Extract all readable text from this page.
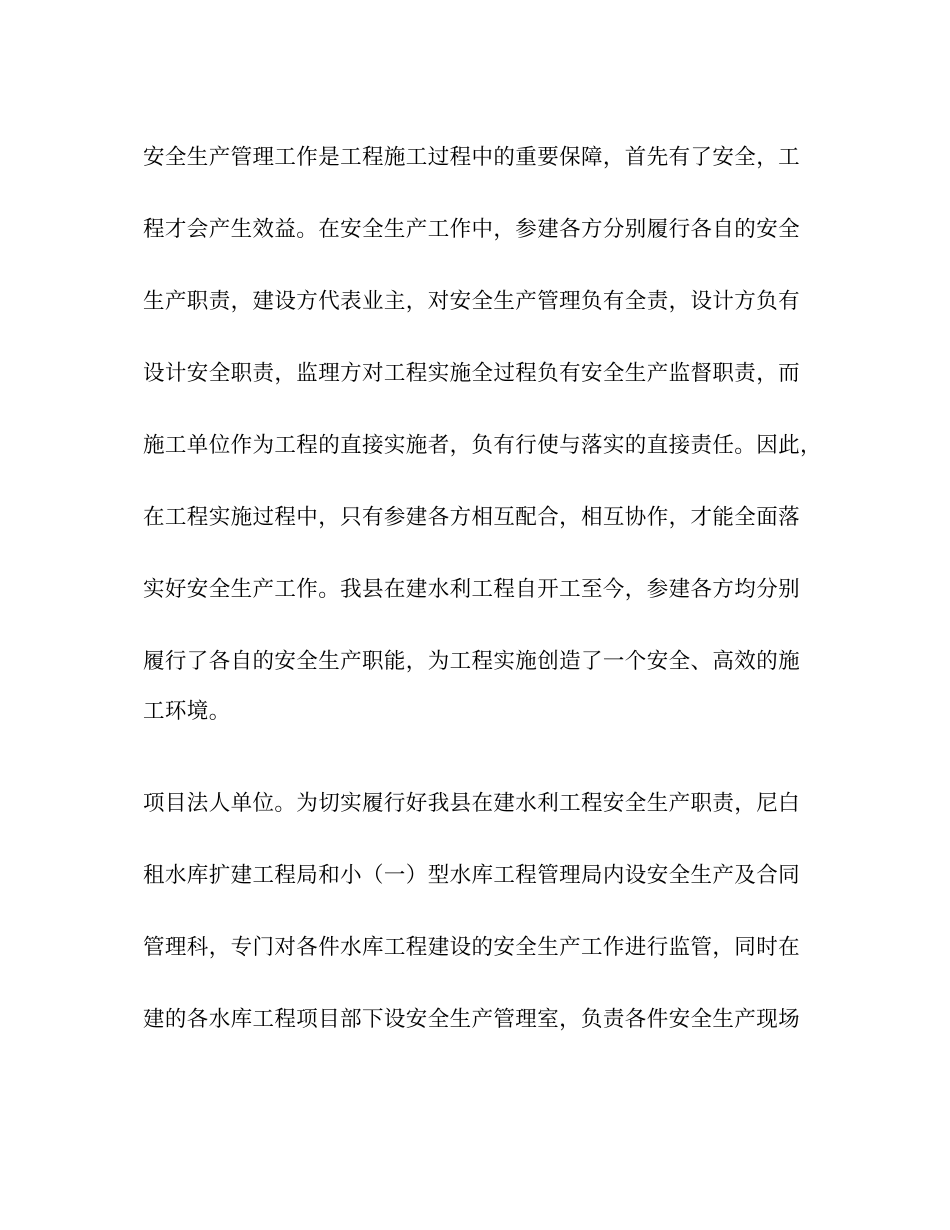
安全生产管理工作是工程施工过程中的重要保障，首先有了安全，工
程才会产生效益。在安全生产工作中，参建各方分别履行各自的安全
生产职责，建设方代表业主，对安全生产管理负有全责，设计方负有
设计安全职责，监理方对工程实施全过程负有安全生产监督职责，而
施工单位作为工程的直接实施者，负有行使与落实的直接责任。因此，
在工程实施过程中，只有参建各方相互配合，相互协作，才能全面落
实好安全生产工作。我县在建水利工程自开工至今，参建各方均分别
履行了各自的安全生产职能，为工程实施创造了一个安全、高效的施
工环境。
项目法人单位。为切实履行好我县在建水利工程安全生产职责，尼白
租水库扩建工程局和小（一）型水库工程管理局内设安全生产及合同
管理科，专门对各件水库工程建设的安全生产工作进行监管，同时在
建的各水库工程项目部下设安全生产管理室，负责各件安全生产现场
